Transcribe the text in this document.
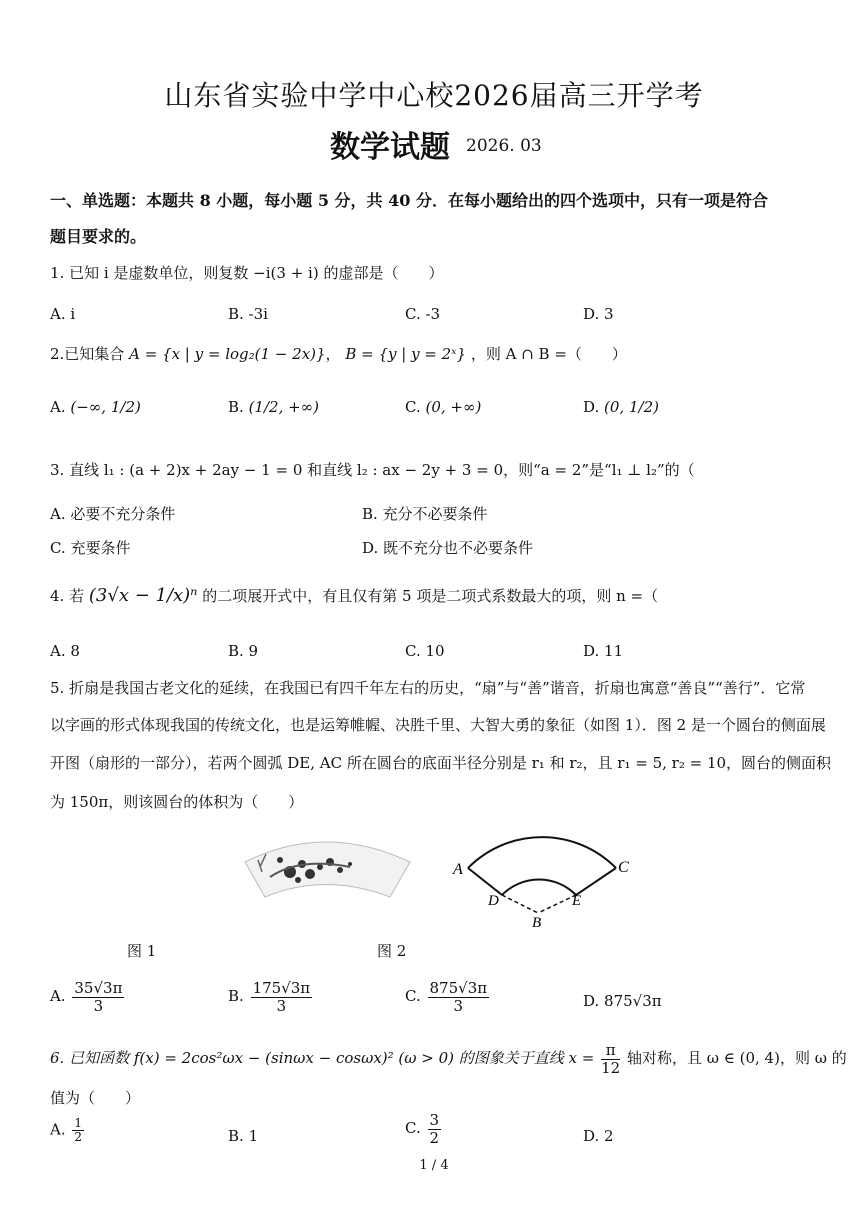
山东省实验中学中心校2026届高三开学考
数学试题 2026. 03
一、单选题：本题共 8 小题，每小题 5 分，共 40 分．在每小题给出的四个选项中，只有一项是符合
题目要求的。
1. 已知 i 是虚数单位，则复数 −i(3 + i) 的虚部是（　　）
A. i	B. -3i	C. -3	D. 3
2.已知集合 A = {x | y = log₂(1 − 2x)}， B = {y | y = 2ˣ} ，则 A ∩ B =（　　）
A. (−∞, 1/2)	B. (1/2, +∞)	C. (0, +∞)	D. (0, 1/2)
3. 直线 l₁ : (a + 2)x + 2ay − 1 = 0 和直线 l₂ : ax − 2y + 3 = 0，则“a = 2”是“l₁ ⊥ l₂”的（
A. 必要不充分条件	B. 充分不必要条件
C. 充要条件	D. 既不充分也不必要条件
4. 若 (3√x − 1/x)ⁿ 的二项展开式中，有且仅有第 5 项是二项式系数最大的项，则 n =（
A. 8	B. 9	C. 10	D. 11
5. 折扇是我国古老文化的延续，在我国已有四千年左右的历史，“扇”与“善”谐音，折扇也寓意“善良”“善行”．它常
以字画的形式体现我国的传统文化，也是运筹帷幄、决胜千里、大智大勇的象征（如图 1）．图 2 是一个圆台的侧面展
开图（扇形的一部分），若两个圆弧 DE, AC 所在圆台的底面半径分别是 r₁ 和 r₂，且 r₁ = 5, r₂ = 10，圆台的侧面积
为 150π，则该圆台的体积为（　　）
A	C
D	E
B
图 1	图 2
A. $\frac{35√3\pi}{3}$	B. $\frac{175√3\pi}{3}$	C. $\frac{875√3\pi}{3}$	D. 875√3π
6. 已知函数 f(x) = 2cos²ωx − (sinωx − cosωx)² (ω > 0) 的图象关于直线 $x = \frac{\pi}{12}$ 轴对称，且 ω ∈ (0, 4)，则 ω 的
值为（　　）
A. $\frac{1}{2}$	B. 1	C. $\frac{3}{2}$	D. 2
1 / 4
